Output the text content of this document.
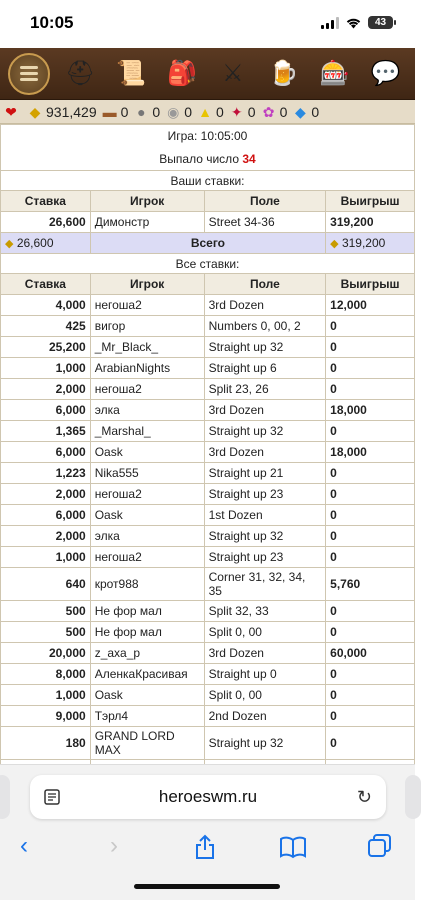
10:05	43
⛑ 📜 🎒	⚔	🍺 🎰 💬
❤ ◆ 931,429 ▬ 0 ● 0 ◉ 0 ▲ 0 ✦ 0 ✿ 0 ◆ 0
Игра: 10:05:00			
Выпало число 34			
Ваши ставки:			
Ставка	Игрок	Поле	Выигрыш
26,600	Димонстр	Street 34-36	319,200
◆ 26,600	Всего		◆ 319,200
Все ставки:			
Ставка	Игрок	Поле	Выигрыш
4,000	негоша2	3rd Dozen	12,000
425	вигор	Numbers 0, 00, 2	0
25,200	_Mr_Black_	Straight up 32	0
1,000	ArabianNights	Straight up 6	0
2,000	негоша2	Split 23, 26	0
6,000	элка	3rd Dozen	18,000
1,365	_Marshal_	Straight up 32	0
6,000	Oask	3rd Dozen	18,000
1,223	Nika555	Straight up 21	0
2,000	негоша2	Straight up 23	0
6,000	Oask	1st Dozen	0
2,000	элка	Straight up 32	0
1,000	негоша2	Straight up 23	0
640	крот988	Corner 31, 32, 34, 35	5,760
500	Не фор мал	Split 32, 33	0
500	Не фор мал	Split 0, 00	0
20,000	z_axa_p	3rd Dozen	60,000
8,000	АленкаКрасивая	Straight up 0	0
1,000	Oask	Split 0, 00	0
9,000	Тэрл4	2nd Dozen	0
180	GRAND LORD MAX	Straight up 32	0

heroeswm.ru	↻
‹	›
